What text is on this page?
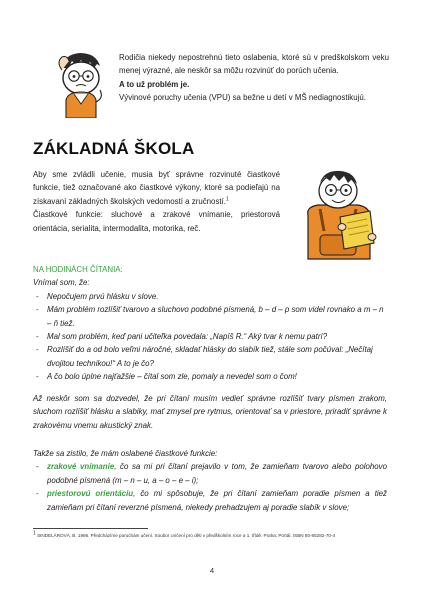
Rodičia niekedy nepostrehnú tieto oslabenia, ktoré sú v predškolskom veku menej výrazné, ale neskôr sa môžu rozvinúť do porúch učenia.

A to už problém je.

Vývinové poruchy učenia (VPU) sa bežne u detí v MŠ nediagnostikujú.

ZÁKLADNÁ ŠKOLA

Aby sme zvládli učenie, musia byť správne rozvinuté čiastkové funkcie, tiež označované ako čiastkové výkony, ktoré sa podieľajú na získavaní základných školských vedomostí a zručností.$^1$

Čiastkové funkcie: sluchové a zrakové vnímanie, priestorová orientácia, serialita, intermodalita, motorika, reč.

NA HODINÁCH ČÍTANIA:

Vnímal som, že:

- Nepočujem prvú hlásku v slove.
- Mám problém rozlíšiť tvarovo a sluchovo podobné písmená, b – d – p som videl rovnako a m – n – ň tiež.
- Mal som problém, keď pani učiteľka povedala: „Napíš R.“ Aký tvar k nemu patrí?
- Rozlíšiť do a od bolo veľmi náročné, skladať hlásky do slabík tiež, stále som počúval: „Nečítaj dvojitou technikou!“ A to je čo?
- A čo bolo úplne najťažšie – čítal som zle, pomaly a nevedel som o čom!

Až neskôr som sa dozvedel, že pri čítaní musím vedieť správne rozlíšiť tvary písmen zrakom, sluchom rozlíšiť hlásku a slabiky, mať zmysel pre rytmus, orientovať sa v priestore, priradiť správne k zrakovému vnemu akustický znak.

Takže sa zistilo, že mám oslabené čiastkové funkcie:

- zrakové vnímanie, čo sa mi pri čítaní prejavilo v tom, že zamieňam tvarovo alebo polohovo podobné písmená (m – n – u, a – o – e – i);
- priestorovú orientáciu, čo mi spôsobuje, že pri čítaní zamieňam poradie písmen a tiež zamieňam pri čítaní reverzné písmená, niekedy prehadzujem aj poradie slabík v slove;
$^1$ SINDELÁROVÁ, B. 1996. Předcházíme poruchám učení. Soubor cvičení pro děti v předškolním roce a 1. třídě. Praha: Portál. ISBN 80-85282-70-4
4
